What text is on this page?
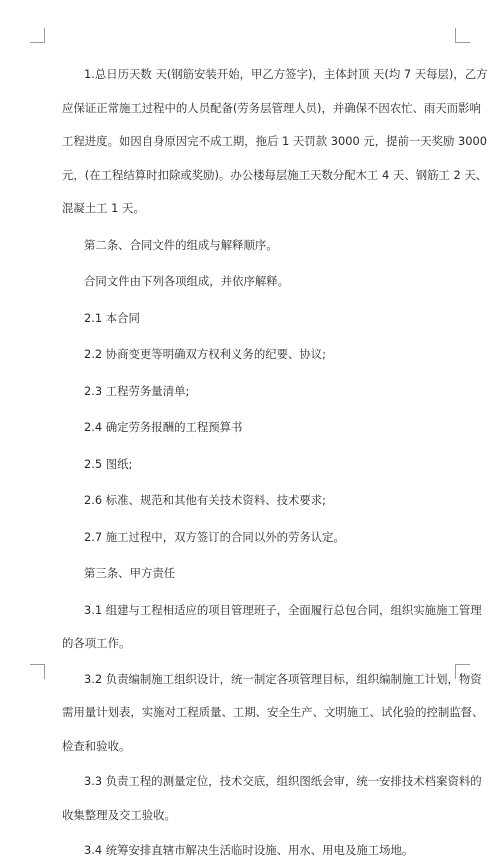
1.总日历天数 天(钢筋安装开始，甲乙方签字)，主体封顶 天(均 7 天每层)，乙方

应保证正常施工过程中的人员配备(劳务层管理人员)，并确保不因农忙、雨天而影响

工程进度。如因自身原因完不成工期，拖后 1 天罚款 3000 元，提前一天奖励 3000

元，(在工程结算时扣除或奖励)。办公楼每层施工天数分配木工 4 天、钢筋工 2 天、

混凝土工 1 天。

第二条、合同文件的组成与解释顺序。

合同文件由下列各项组成，并依序解释。

2.1 本合同

2.2 协商变更等明确双方权利义务的纪要、协议;

2.3 工程劳务量清单;

2.4 确定劳务报酬的工程预算书

2.5 图纸;

2.6 标准、规范和其他有关技术资料、技术要求;

2.7 施工过程中，双方签订的合同以外的劳务认定。

第三条、甲方责任

3.1 组建与工程相适应的项目管理班子，全面履行总包合同，组织实施施工管理

的各项工作。

3.2 负责编制施工组织设计，统一制定各项管理目标，组织编制施工计划，物资

需用量计划表，实施对工程质量、工期、安全生产、文明施工、试化验的控制监督、

检查和验收。

3.3 负责工程的测量定位，技术交底，组织图纸会审，统一安排技术档案资料的

收集整理及交工验收。

3.4 统筹安排直辖市解决生活临时设施、用水、用电及施工场地。
